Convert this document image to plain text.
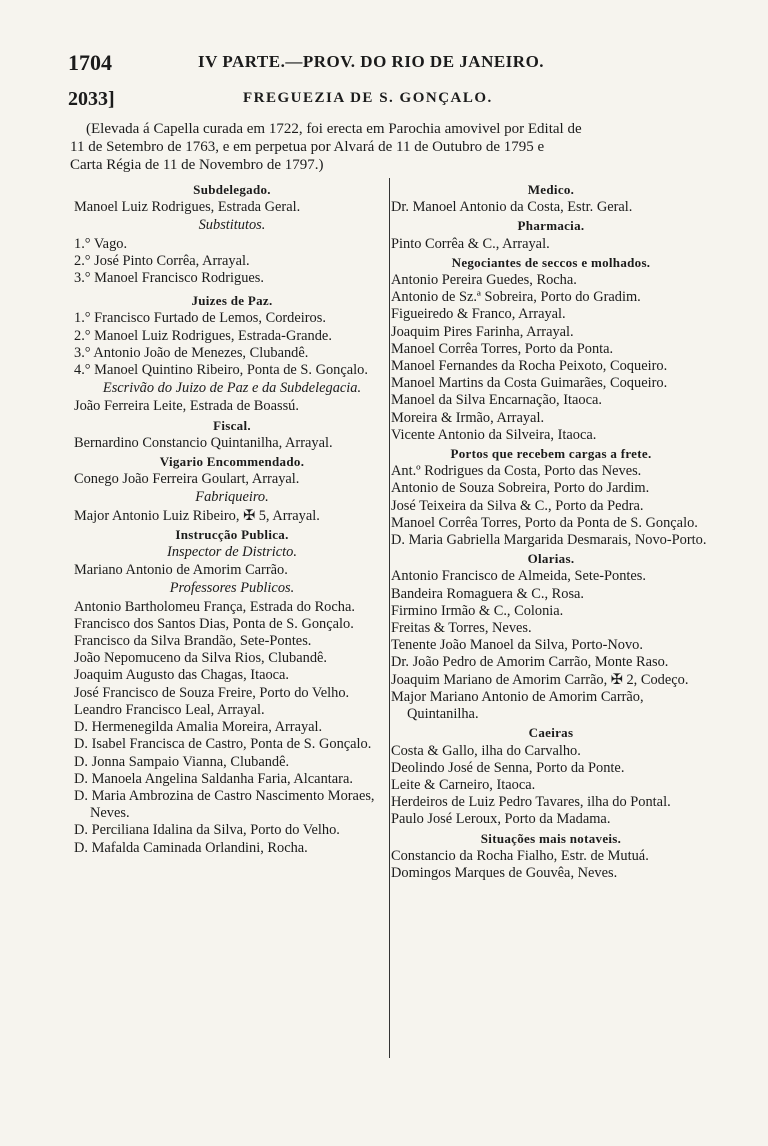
1704	IV PARTE.—PROV. DO RIO DE JANEIRO.
2033]	FREGUEZIA DE S. GONÇALO.
(Elevada á Capella curada em 1722, foi erecta em Parochia amovivel por Edital de
11 de Setembro de 1763, e em perpetua por Alvará de 11 de Outubro de 1795 e
Carta Régia de 11 de Novembro de 1797.)
Subdelegado.
Manoel Luiz Rodrigues, Estrada Geral.
Substitutos.
1.° Vago.
2.° José Pinto Corrêa, Arrayal.
3.° Manoel Francisco Rodrigues.
Juizes de Paz.
1.° Francisco Furtado de Lemos, Cordeiros.
2.° Manoel Luiz Rodrigues, Estrada-Grande.
3.° Antonio João de Menezes, Clubandê.
4.° Manoel Quintino Ribeiro, Ponta de S. Gonçalo.
Escrivão do Juizo de Paz e da Subdelegacia.
João Ferreira Leite, Estrada de Boassú.
Fiscal.
Bernardino Constancio Quintanilha, Arrayal.
Vigario Encommendado.
Conego João Ferreira Goulart, Arrayal.
Fabriqueiro.
Major Antonio Luiz Ribeiro, ✠ 5, Arrayal.
Instrucção Publica.
Inspector de Districto.
Mariano Antonio de Amorim Carrão.
Professores Publicos.
Antonio Bartholomeu França, Estrada do Rocha.
Francisco dos Santos Dias, Ponta de S. Gonçalo.
Francisco da Silva Brandão, Sete-Pontes.
João Nepomuceno da Silva Rios, Clubandê.
Joaquim Augusto das Chagas, Itaoca.
José Francisco de Souza Freire, Porto do Velho.
Leandro Francisco Leal, Arrayal.
D. Hermenegilda Amalia Moreira, Arrayal.
D. Isabel Francisca de Castro, Ponta de S. Gonçalo.
D. Jonna Sampaio Vianna, Clubandê.
D. Manoela Angelina Saldanha Faria, Alcantara.
D. Maria Ambrozina de Castro Nascimento Moraes, Neves.
D. Perciliana Idalina da Silva, Porto do Velho.
D. Mafalda Caminada Orlandini, Rocha.
Medico.
Dr. Manoel Antonio da Costa, Estr. Geral.
Pharmacia.
Pinto Corrêa & C., Arrayal.
Negociantes de seccos e molhados.
Antonio Pereira Guedes, Rocha.
Antonio de Sz.ª Sobreira, Porto do Gradim.
Figueiredo & Franco, Arrayal.
Joaquim Pires Farinha, Arrayal.
Manoel Corrêa Torres, Porto da Ponta.
Manoel Fernandes da Rocha Peixoto, Coqueiro.
Manoel Martins da Costa Guimarães, Coqueiro.
Manoel da Silva Encarnação, Itaoca.
Moreira & Irmão, Arrayal.
Vicente Antonio da Silveira, Itaoca.
Portos que recebem cargas a frete.
Ant.º Rodrigues da Costa, Porto das Neves.
Antonio de Souza Sobreira, Porto do Jardim.
José Teixeira da Silva & C., Porto da Pedra.
Manoel Corrêa Torres, Porto da Ponta de S. Gonçalo.
D. Maria Gabriella Margarida Desmarais, Novo-Porto.
Olarias.
Antonio Francisco de Almeida, Sete-Pontes.
Bandeira Romaguera & C., Rosa.
Firmino Irmão & C., Colonia.
Freitas & Torres, Neves.
Tenente João Manoel da Silva, Porto-Novo.
Dr. João Pedro de Amorim Carrão, Monte Raso.
Joaquim Mariano de Amorim Carrão, ✠ 2, Codeço.
Major Mariano Antonio de Amorim Carrão, Quintanilha.
Caeiras
Costa & Gallo, ilha do Carvalho.
Deolindo José de Senna, Porto da Ponte.
Leite & Carneiro, Itaoca.
Herdeiros de Luiz Pedro Tavares, ilha do Pontal.
Paulo José Leroux, Porto da Madama.
Situações mais notaveis.
Constancio da Rocha Fialho, Estr. de Mutuá.
Domingos Marques de Gouvêa, Neves.
